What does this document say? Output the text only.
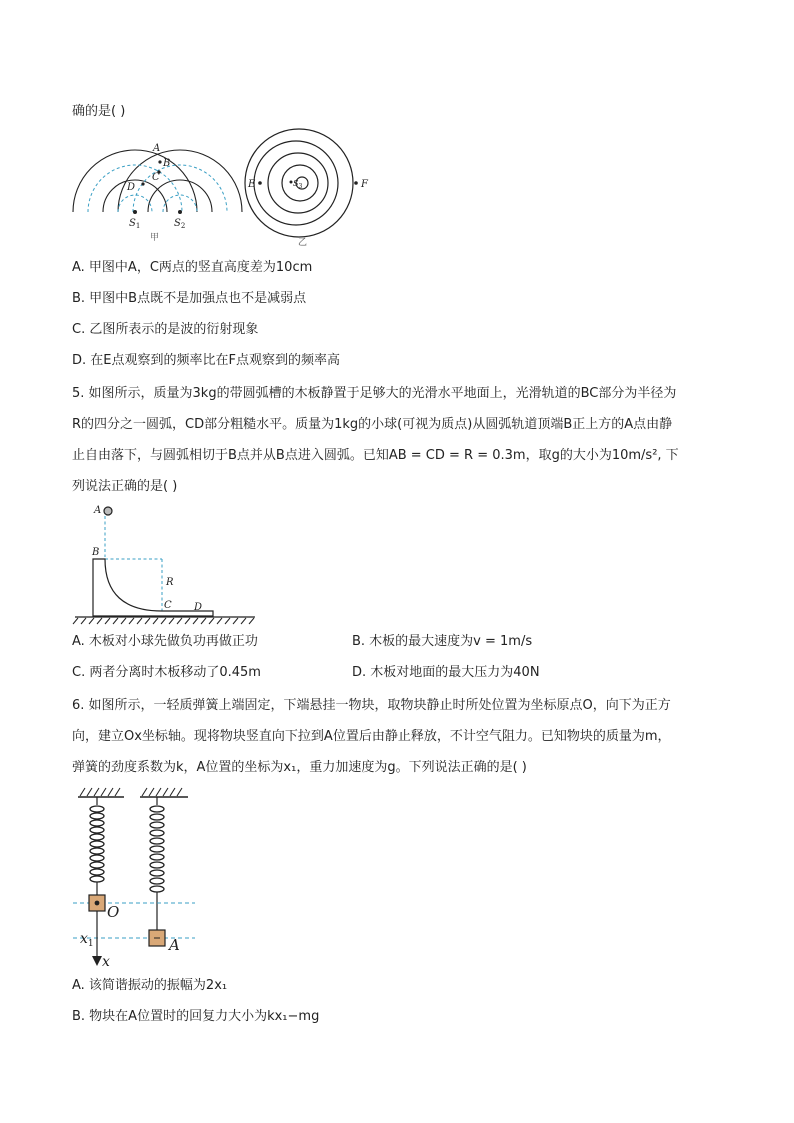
确的是( )
A
B
C
D
$S_1$	$S_2$
甲
E	F
$S_3$
乙
A. 甲图中A，C两点的竖直高度差为10cm
B. 甲图中B点既不是加强点也不是减弱点
C. 乙图所表示的是波的衍射现象
D. 在E点观察到的频率比在F点观察到的频率高
5. 如图所示，质量为3kg的带圆弧槽的木板静置于足够大的光滑水平地面上，光滑轨道的BC部分为半径为
R的四分之一圆弧，CD部分粗糙水平。质量为1kg的小球(可视为质点)从圆弧轨道顶端B正上方的A点由静
止自由落下，与圆弧相切于B点并从B点进入圆弧。已知AB = CD = R = 0.3m，取g的大小为10m/s², 下
列说法正确的是( )
A
B
R
C D
A. 木板对小球先做负功再做正功	B. 木板的最大速度为v = 1m/s
C. 两者分离时木板移动了0.45m	D. 木板对地面的最大压力为40N
6. 如图所示，一轻质弹簧上端固定，下端悬挂一物块，取物块静止时所处位置为坐标原点O，向下为正方
向，建立Ox坐标轴。现将物块竖直向下拉到A位置后由静止释放，不计空气阻力。已知物块的质量为m，
弹簧的劲度系数为k，A位置的坐标为x₁，重力加速度为g。下列说法正确的是( )
O
A
$x_1$
x
A. 该简谐振动的振幅为2x₁
B. 物块在A位置时的回复力大小为kx₁−mg
